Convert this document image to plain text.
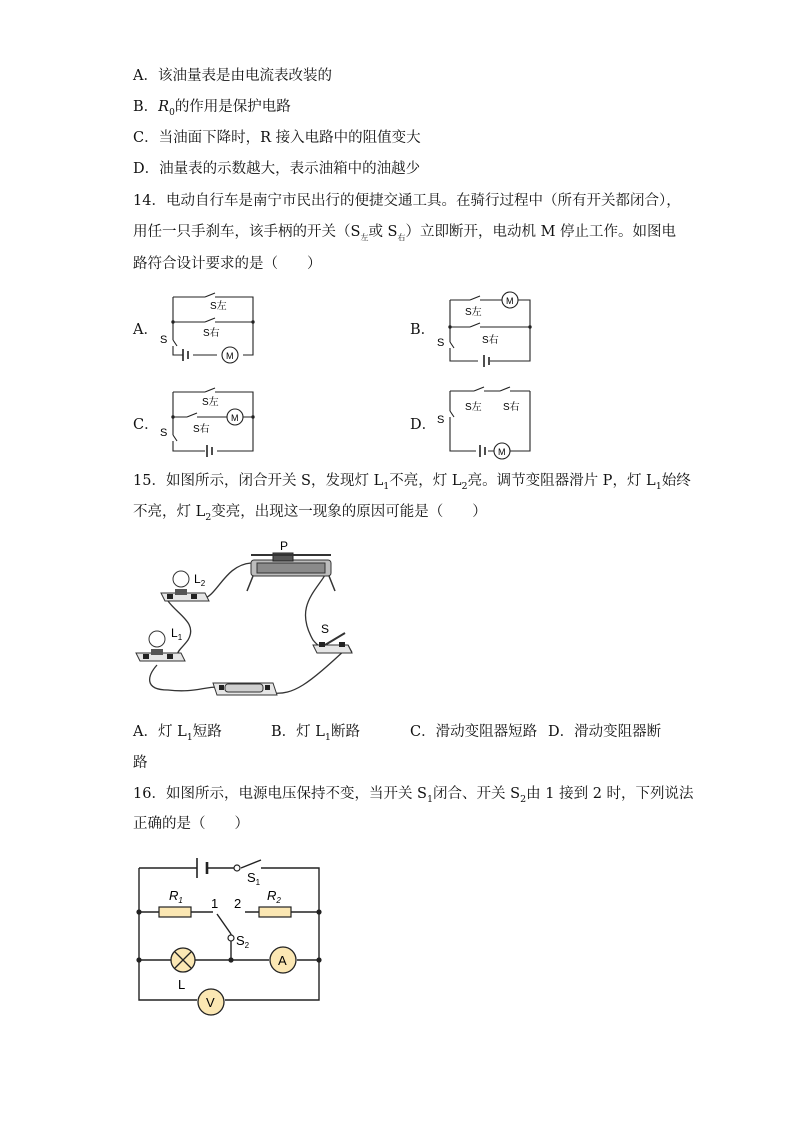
A．该油量表是由电流表改装的
B．$R_0$的作用是保护电路
C．当油面下降时，R 接入电路中的阻值变大
D．油量表的示数越大，表示油箱中的油越少
14．电动自行车是南宁市民出行的便捷交通工具。在骑行过程中（所有开关都闭合），
用任一只手刹车，该手柄的开关（$S_左$或 $S_右$）立即断开，电动机 M 停止工作。如图电
路符合设计要求的是（　　）
A．
S左
S右
S
M
B．
S左
S右
S
M
C．
S左
S右
S
M	D．
S左 S右
S
M
15．如图所示，闭合开关 S，发现灯 $L_1$不亮，灯 $L_2$亮。调节变阻器滑片 P，灯 $L_1$始终
不亮，灯 $L_2$变亮，出现这一现象的原因可能是（　　）
$L_2$
$L_1$
P
S
A．灯 $L_1$短路	B．灯 $L_1$断路	C．滑动变阻器短路 D．滑动变阻器断
路
16．如图所示，电源电压保持不变，当开关 $S_1$闭合、开关 $S_2$由 1 接到 2 时，下列说法
正确的是（　　）
$S_1$
$R_1$	$R_2$
1 2
$S_2$
A
L
V
